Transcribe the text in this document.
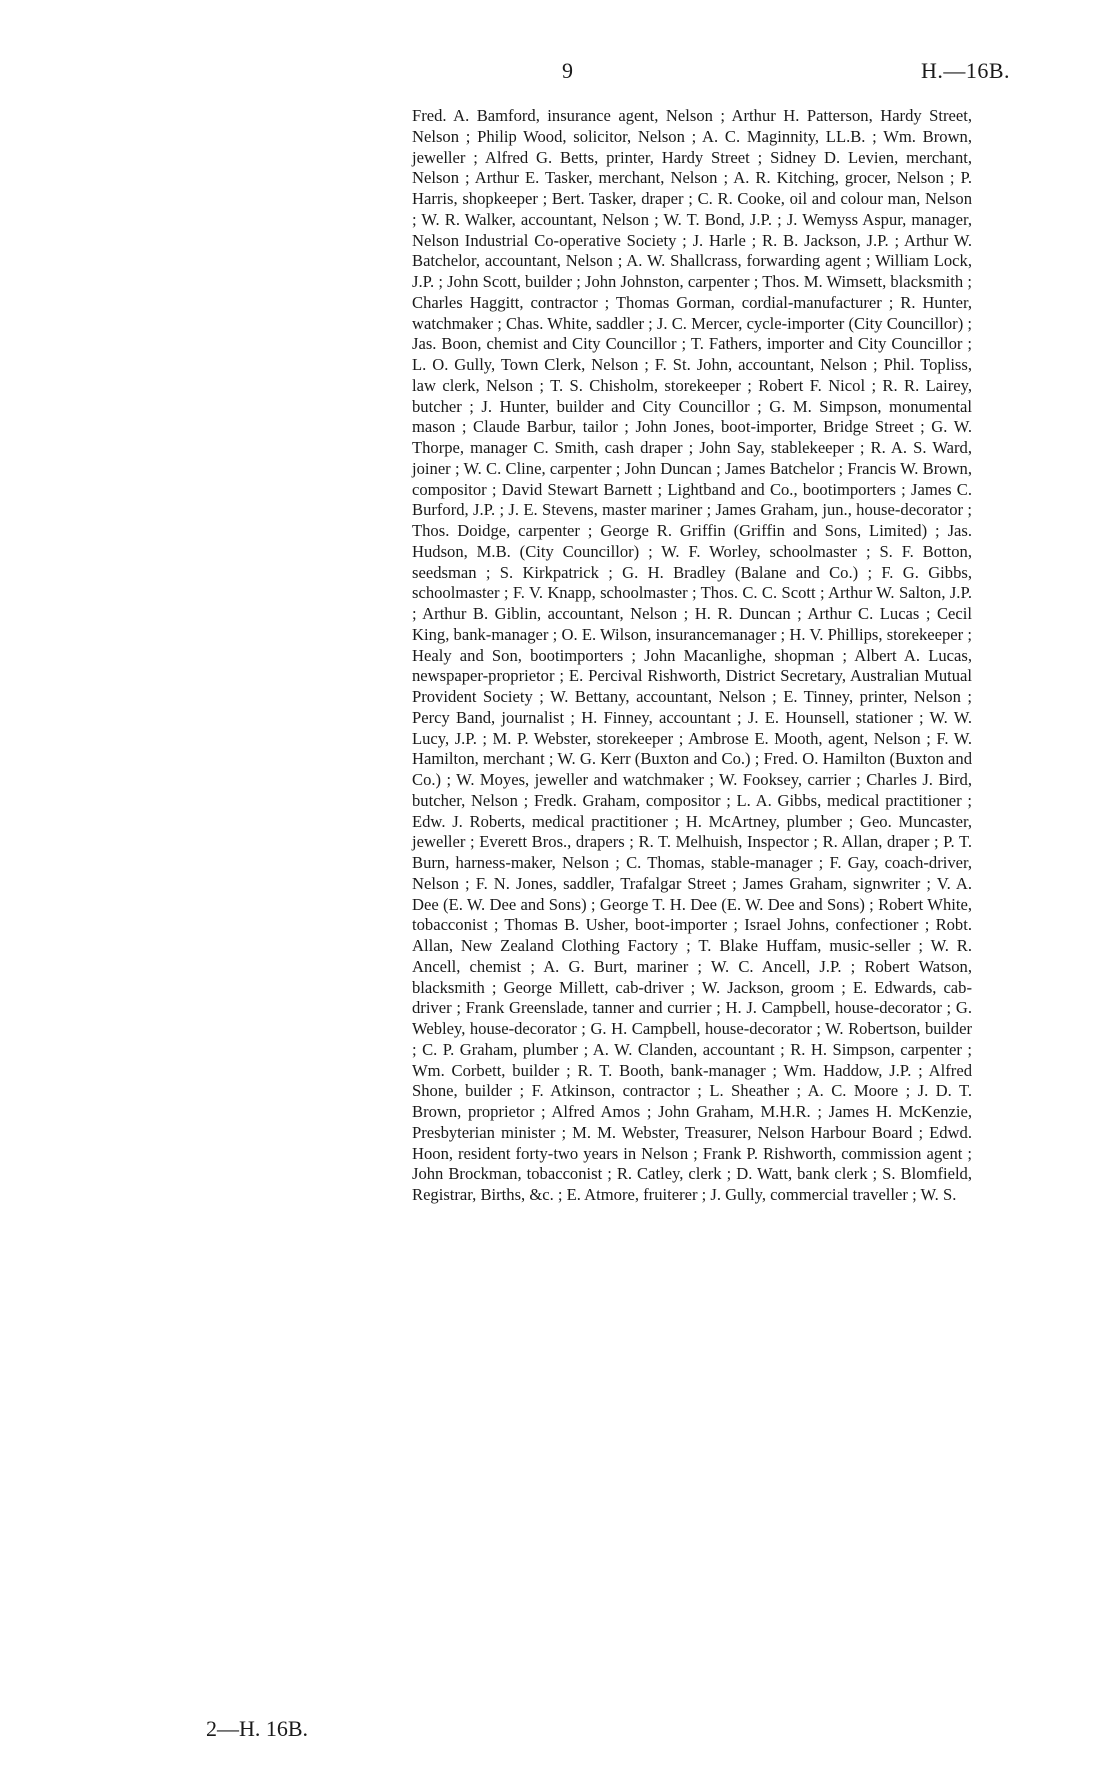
9	H.—16B.

Fred. A. Bamford, insurance agent, Nelson ; Arthur H. Patterson, Hardy Street, Nelson ; Philip Wood, solicitor, Nelson ; A. C. Maginnity, LL.B. ; Wm. Brown, jeweller ; Alfred G. Betts, printer, Hardy Street ; Sidney D. Levien, merchant, Nelson ; Arthur E. Tasker, merchant, Nelson ; A. R. Kitching, grocer, Nelson ; P. Harris, shopkeeper ; Bert. Tasker, draper ; C. R. Cooke, oil and colour man, Nelson ; W. R. Walker, accountant, Nelson ; W. T. Bond, J.P. ; J. Wemyss Aspur, manager, Nelson Industrial Co-operative Society ; J. Harle ; R. B. Jackson, J.P. ; Arthur W. Batchelor, accountant, Nelson ; A. W. Shallcrass, forwarding agent ; William Lock, J.P. ; John Scott, builder ; John Johnston, carpenter ; Thos. M. Wimsett, blacksmith ; Charles Haggitt, contractor ; Thomas Gorman, cordial-manufacturer ; R. Hunter, watchmaker ; Chas. White, saddler ; J. C. Mercer, cycle-importer (City Councillor) ; Jas. Boon, chemist and City Councillor ; T. Fathers, importer and City Councillor ; L. O. Gully, Town Clerk, Nelson ; F. St. John, accountant, Nelson ; Phil. Topliss, law clerk, Nelson ; T. S. Chisholm, storekeeper ; Robert F. Nicol ; R. R. Lairey, butcher ; J. Hunter, builder and City Councillor ; G. M. Simpson, monumental mason ; Claude Barbur, tailor ; John Jones, boot-importer, Bridge Street ; G. W. Thorpe, manager C. Smith, cash draper ; John Say, stablekeeper ; R. A. S. Ward, joiner ; W. C. Cline, carpenter ; John Duncan ; James Batchelor ; Francis W. Brown, compositor ; David Stewart Barnett ; Lightband and Co., bootimporters ; James C. Burford, J.P. ; J. E. Stevens, master mariner ; James Graham, jun., house-decorator ; Thos. Doidge, carpenter ; George R. Griffin (Griffin and Sons, Limited) ; Jas. Hudson, M.B. (City Councillor) ; W. F. Worley, schoolmaster ; S. F. Botton, seedsman ; S. Kirkpatrick ; G. H. Bradley (Balane and Co.) ; F. G. Gibbs, schoolmaster ; F. V. Knapp, schoolmaster ; Thos. C. C. Scott ; Arthur W. Salton, J.P. ; Arthur B. Giblin, accountant, Nelson ; H. R. Duncan ; Arthur C. Lucas ; Cecil King, bank-manager ; O. E. Wilson, insurancemanager ; H. V. Phillips, storekeeper ; Healy and Son, bootimporters ; John Macanlighe, shopman ; Albert A. Lucas, newspaper-proprietor ; E. Percival Rishworth, District Secretary, Australian Mutual Provident Society ; W. Bettany, accountant, Nelson ; E. Tinney, printer, Nelson ; Percy Band, journalist ; H. Finney, accountant ; J. E. Hounsell, stationer ; W. W. Lucy, J.P. ; M. P. Webster, storekeeper ; Ambrose E. Mooth, agent, Nelson ; F. W. Hamilton, merchant ; W. G. Kerr (Buxton and Co.) ; Fred. O. Hamilton (Buxton and Co.) ; W. Moyes, jeweller and watchmaker ; W. Fooksey, carrier ; Charles J. Bird, butcher, Nelson ; Fredk. Graham, compositor ; L. A. Gibbs, medical practitioner ; Edw. J. Roberts, medical practitioner ; H. McArtney, plumber ; Geo. Muncaster, jeweller ; Everett Bros., drapers ; R. T. Melhuish, Inspector ; R. Allan, draper ; P. T. Burn, harness-maker, Nelson ; C. Thomas, stable-manager ; F. Gay, coach-driver, Nelson ; F. N. Jones, saddler, Trafalgar Street ; James Graham, signwriter ; V. A. Dee (E. W. Dee and Sons) ; George T. H. Dee (E. W. Dee and Sons) ; Robert White, tobacconist ; Thomas B. Usher, boot-importer ; Israel Johns, confectioner ; Robt. Allan, New Zealand Clothing Factory ; T. Blake Huffam, music-seller ; W. R. Ancell, chemist ; A. G. Burt, mariner ; W. C. Ancell, J.P. ; Robert Watson, blacksmith ; George Millett, cab-driver ; W. Jackson, groom ; E. Edwards, cab-driver ; Frank Greenslade, tanner and currier ; H. J. Campbell, house-decorator ; G. Webley, house-decorator ; G. H. Campbell, house-decorator ; W. Robertson, builder ; C. P. Graham, plumber ; A. W. Clanden, accountant ; R. H. Simpson, carpenter ; Wm. Corbett, builder ; R. T. Booth, bank-manager ; Wm. Haddow, J.P. ; Alfred Shone, builder ; F. Atkinson, contractor ; L. Sheather ; A. C. Moore ; J. D. T. Brown, proprietor ; Alfred Amos ; John Graham, M.H.R. ; James H. McKenzie, Presbyterian minister ; M. M. Webster, Treasurer, Nelson Harbour Board ; Edwd. Hoon, resident forty-two years in Nelson ; Frank P. Rishworth, commission agent ; John Brockman, tobacconist ; R. Catley, clerk ; D. Watt, bank clerk ; S. Blomfield, Registrar, Births, &c. ; E. Atmore, fruiterer ; J. Gully, commercial traveller ; W. S.

2—H. 16B.
